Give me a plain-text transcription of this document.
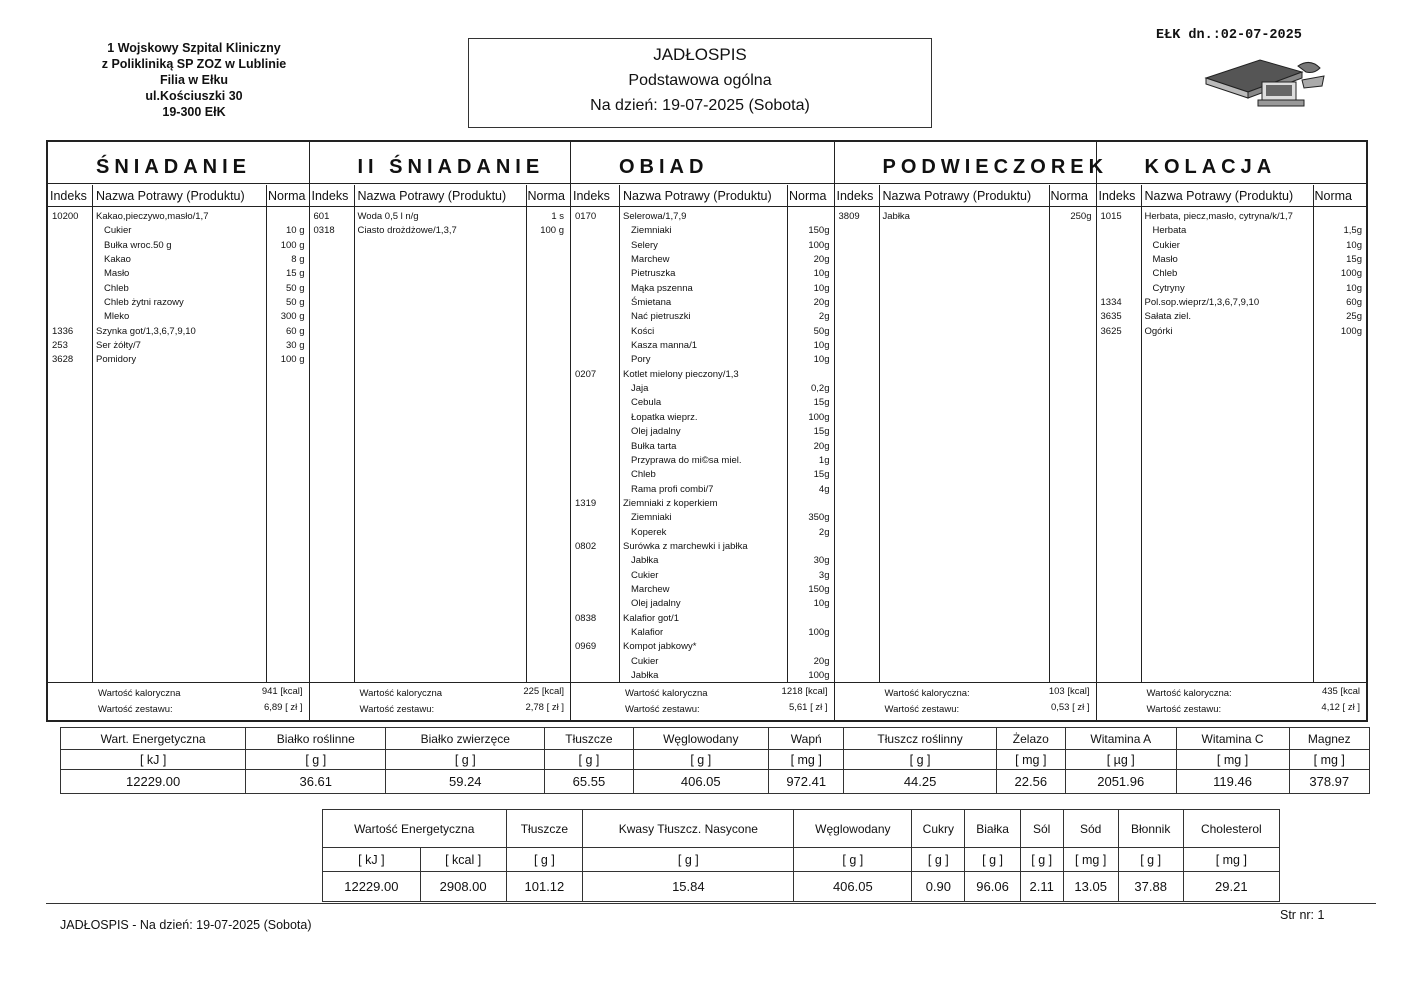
1 Wojskowy Szpital Kliniczny
z Polikliniką SP ZOZ w Lublinie
Filia w Ełku
ul.Kościuszki 30
19-300 EłK
JADŁOSPIS
Podstawowa ogólna
Na dzień: 19-07-2025 (Sobota)
EŁK dn.:02-07-2025
ŚNIADANIE
Indeks Nazwa Potrawy (Produktu) Norma
10200 Kakao,pieczywo,masło/1,7
Cukier	10 g
Bułka wroc.50 g	100 g
Kakao	8 g
Masło	15 g
Chleb	50 g
Chleb żytni razowy	50 g
Mleko	300 g
1336 Szynka got/1,3,6,7,9,10	60 g
253	Ser żółty/7	30 g
3628 Pomidory	100 g
Wartość kaloryczna	941 [kcal]
Wartość zestawu:	6,89 [ zł ]
II ŚNIADANIE
Indeks Nazwa Potrawy (Produktu) Norma
601	Woda 0,5 l n/g	1 s
0318 Ciasto drożdżowe/1,3,7	100 g
Wartość kaloryczna	225 [kcal]
Wartość zestawu:	2,78 [ zł ]
OBIAD
Indeks Nazwa Potrawy (Produktu) Norma
0170	Selerowa/1,7,9
Ziemniaki	150g
Selery	100g
Marchew	20g
Pietruszka	10g
Mąka pszenna	10g
Śmietana	20g
Nać pietruszki	2g
Kości	50g
Kasza manna/1	10g
Pory	10g
0207	Kotlet mielony pieczony/1,3
Jaja	0,2g
Cebula	15g
Łopatka wieprz.	100g
Olej jadalny	15g
Bułka tarta	20g
Przyprawa do mi©sa miel.	1g
Chleb	15g
Rama profi combi/7	4g
1319	Ziemniaki z koperkiem
Ziemniaki	350g
Koperek	2g
0802	Surówka z marchewki i jabłka
Jabłka	30g
Cukier	3g
Marchew	150g
Olej jadalny	10g
0838	Kalafior got/1
Kalafior	100g
0969	Kompot jabkowy*
Cukier	20g
Jabłka	100g
Wartość kaloryczna	1218 [kcal]
Wartość zestawu:	5,61 [ zł ]
PODWIECZOREK
Indeks Nazwa Potrawy (Produktu) Norma
3809 Jabłka	250g
Wartość kaloryczna:	103 [kcal]
Wartość zestawu:	0,53 [ zł ]
KOLACJA
Indeks Nazwa Potrawy (Produktu) Norma
1015 Herbata, piecz,masło, cytryna/k/1,7
Herbata	1,5g
Cukier	10g
Masło	15g
Chleb	100g
Cytryny	10g
1334 Pol.sop.wieprz/1,3,6,7,9,10	60g
3635 Sałata ziel.	25g
3625 Ogórki	100g
Wartość kaloryczna:	435 [kcal
Wartość zestawu:	4,12 [ zł ]
Wart. Energetyczna	Białko roślinne	Białko zwierzęce	Tłuszcze	Węglowodany	Wapń	Tłuszcz roślinny	Żelazo	Witamina A	Witamina C	Magnez
[ kJ ]	[ g ]	[ g ]	[ g ]	[ g ]	[ mg ]	[ g ]	[ mg ]	[ µg ]	[ mg ]	[ mg ]
12229.00	36.61	59.24	65.55	406.05	972.41	44.25	22.56	2051.96	119.46	378.97
Wartość Energetyczna		Tłuszcze	Kwasy Tłuszcz. Nasycone	Węglowodany	Cukry	Białka	Sól	Sód	Błonnik	Cholesterol
[ kJ ]	[ kcal ]	[ g ]	[ g ]	[ g ]	[ g ]	[ g ]	[ g ]	[ mg ]	[ g ]	[ mg ]
12229.00	2908.00	101.12	15.84	406.05	0.90	96.06	2.11	13.05	37.88	29.21
JADŁOSPIS - Na dzień: 19-07-2025 (Sobota)
Str nr: 1
